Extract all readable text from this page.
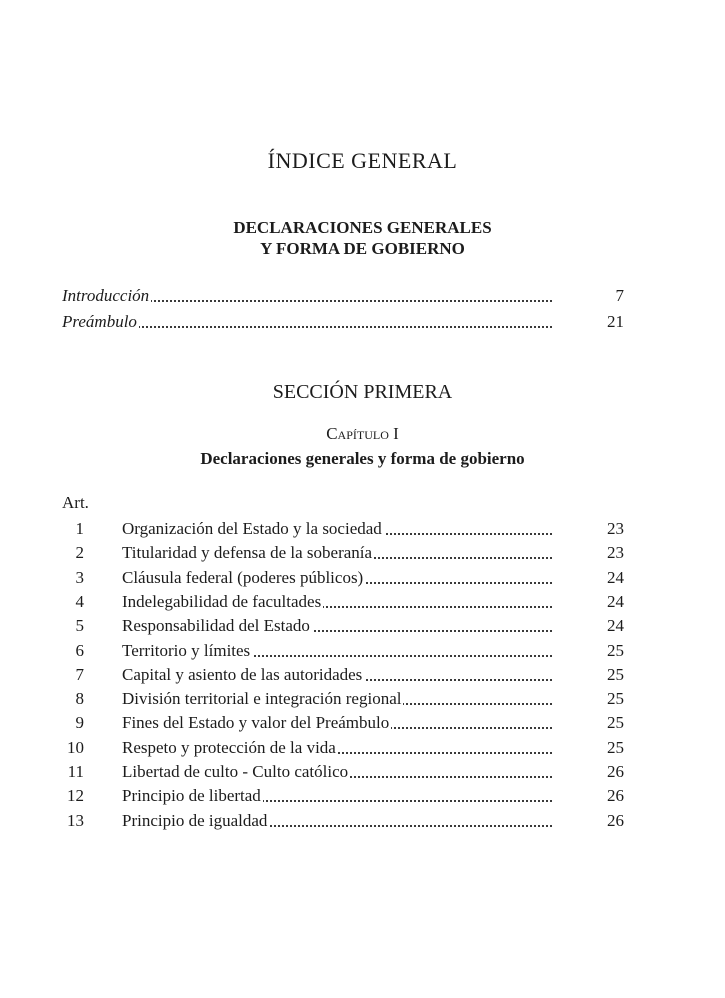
ÍNDICE GENERAL
DECLARACIONES GENERALES
Y FORMA DE GOBIERNO
Introducción	7
Preámbulo	21
SECCIÓN PRIMERA
Capítulo I
Declaraciones generales y forma de gobierno
Art.
1 Organización del Estado y la sociedad	23
2 Titularidad y defensa de la soberanía	23
3 Cláusula federal (poderes públicos)	24
4 Indelegabilidad de facultades	24
5 Responsabilidad del Estado	24
6 Territorio y límites	25
7 Capital y asiento de las autoridades	25
8 División territorial e integración regional	25
9 Fines del Estado y valor del Preámbulo	25
10 Respeto y protección de la vida	25
11 Libertad de culto - Culto católico	26
12 Principio de libertad	26
13 Principio de igualdad	26
